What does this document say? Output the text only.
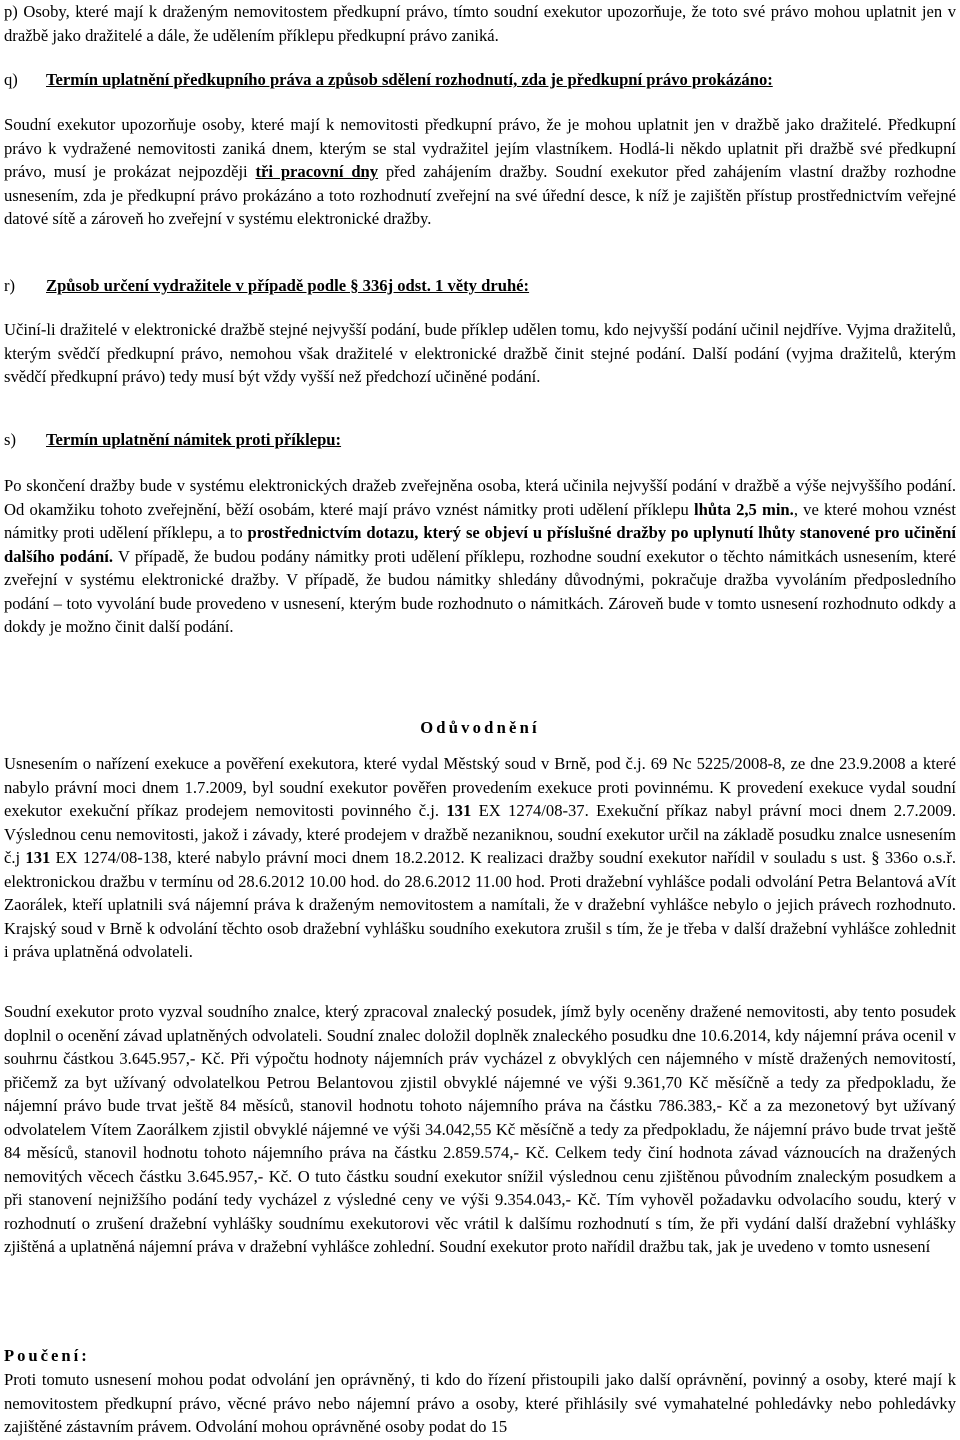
p) Osoby, které mají k draženým nemovitostem předkupní právo, tímto soudní exekutor upozorňuje, že toto své právo mohou uplatnit jen v dražbě jako dražitelé a dále, že udělením příklepu předkupní právo zaniká.
q) Termín uplatnění předkupního práva a způsob sdělení rozhodnutí, zda je předkupní právo prokázáno:
Soudní exekutor upozorňuje osoby, které mají k nemovitosti předkupní právo, že je mohou uplatnit jen v dražbě jako dražitelé. Předkupní právo k vydražené nemovitosti zaniká dnem, kterým se stal vydražitel jejím vlastníkem. Hodlá-li někdo uplatnit při dražbě své předkupní právo, musí je prokázat nejpozději tři pracovní dny před zahájením dražby. Soudní exekutor před zahájením vlastní dražby rozhodne usnesením, zda je předkupní právo prokázáno a toto rozhodnutí zveřejní na své úřední desce, k níž je zajištěn přístup prostřednictvím veřejné datové sítě a zároveň ho zveřejní v systému elektronické dražby.
r) Způsob určení vydražitele v případě podle § 336j odst. 1 věty druhé:
Učiní-li dražitelé v elektronické dražbě stejné nejvyšší podání, bude příklep udělen tomu, kdo nejvyšší podání učinil nejdříve. Vyjma dražitelů, kterým svědčí předkupní právo, nemohou však dražitelé v elektronické dražbě činit stejné podání. Další podání (vyjma dražitelů, kterým svědčí předkupní právo) tedy musí být vždy vyšší než předchozí učiněné podání.
s) Termín uplatnění námitek proti příklepu:
Po skončení dražby bude v systému elektronických dražeb zveřejněna osoba, která učinila nejvyšší podání v dražbě a výše nejvyššího podání. Od okamžiku tohoto zveřejnění, běží osobám, které mají právo vznést námitky proti udělení příklepu lhůta 2,5 min., ve které mohou vznést námitky proti udělení příklepu, a to prostřednictvím dotazu, který se objeví u příslušné dražby po uplynutí lhůty stanovené pro učinění dalšího podání. V případě, že budou podány námitky proti udělení příklepu, rozhodne soudní exekutor o těchto námitkách usnesením, které zveřejní v systému elektronické dražby. V případě, že budou námitky shledány důvodnými, pokračuje dražba vyvoláním předposledního podání – toto vyvolání bude provedeno v usnesení, kterým bude rozhodnuto o námitkách. Zároveň bude v tomto usnesení rozhodnuto odkdy a dokdy je možno činit další podání.
Odůvodnění
Usnesením o nařízení exekuce a pověření exekutora, které vydal Městský soud v Brně, pod č.j. 69 Nc 5225/2008-8, ze dne 23.9.2008 a které nabylo právní moci dnem 1.7.2009, byl soudní exekutor pověřen provedením exekuce proti povinnému. K provedení exekuce vydal soudní exekutor exekuční příkaz prodejem nemovitosti povinného č.j. 131 EX 1274/08-37. Exekuční příkaz nabyl právní moci dnem 2.7.2009. Výslednou cenu nemovitosti, jakož i závady, které prodejem v dražbě nezaniknou, soudní exekutor určil na základě posudku znalce usnesením č.j 131 EX 1274/08-138, které nabylo právní moci dnem 18.2.2012. K realizaci dražby soudní exekutor nařídil v souladu s ust. § 336o o.s.ř. elektronickou dražbu v termínu od 28.6.2012 10.00 hod. do 28.6.2012 11.00 hod. Proti dražební vyhlášce podali odvolání Petra Belantová aVít Zaorálek, kteří uplatnili svá nájemní práva k draženým nemovitostem a namítali, že v dražební vyhlášce nebylo o jejich právech rozhodnuto. Krajský soud v Brně k odvolání těchto osob dražební vyhlášku soudního exekutora zrušil s tím, že je třeba v další dražební vyhlášce zohlednit i práva uplatněná odvolateli.
Soudní exekutor proto vyzval soudního znalce, který zpracoval znalecký posudek, jímž byly oceněny dražené nemovitosti, aby tento posudek doplnil o ocenění závad uplatněných odvolateli. Soudní znalec doložil doplněk znaleckého posudku dne 10.6.2014, kdy nájemní práva ocenil v souhrnu částkou 3.645.957,- Kč. Při výpočtu hodnoty nájemních práv vycházel z obvyklých cen nájemného v místě dražených nemovitostí, přičemž za byt užívaný odvolatelkou Petrou Belantovou zjistil obvyklé nájemné ve výši 9.361,70 Kč měsíčně a tedy za předpokladu, že nájemní právo bude trvat ještě 84 měsíců, stanovil hodnotu tohoto nájemního práva na částku 786.383,- Kč a za mezonetový byt užívaný odvolatelem Vítem Zaorálkem zjistil obvyklé nájemné ve výši 34.042,55 Kč měsíčně a tedy za předpokladu, že nájemní právo bude trvat ještě 84 měsíců, stanovil hodnotu tohoto nájemního práva na částku 2.859.574,- Kč. Celkem tedy činí hodnota závad váznoucích na dražených nemovitých věcech částku 3.645.957,- Kč. O tuto částku soudní exekutor snížil výslednou cenu zjištěnou původním znaleckým posudkem a při stanovení nejnižšího podání tedy vycházel z výsledné ceny ve výši 9.354.043,- Kč. Tím vyhověl požadavku odvolacího soudu, který v rozhodnutí o zrušení dražební vyhlášky soudnímu exekutorovi věc vrátil k dalšímu rozhodnutí s tím, že při vydání další dražební vyhlášky zjištěná a uplatněná nájemní práva v dražební vyhlášce zohlední. Soudní exekutor proto nařídil dražbu tak, jak je uvedeno v tomto usnesení
Poučení:
Proti tomuto usnesení mohou podat odvolání jen oprávněný, ti kdo do řízení přistoupili jako další oprávnění, povinný a osoby, které mají k nemovitostem předkupní právo, věcné právo nebo nájemní právo a osoby, které přihlásily své vymahatelné pohledávky nebo pohledávky zajištěné zástavním právem. Odvolání mohou oprávněné osoby podat do 15
